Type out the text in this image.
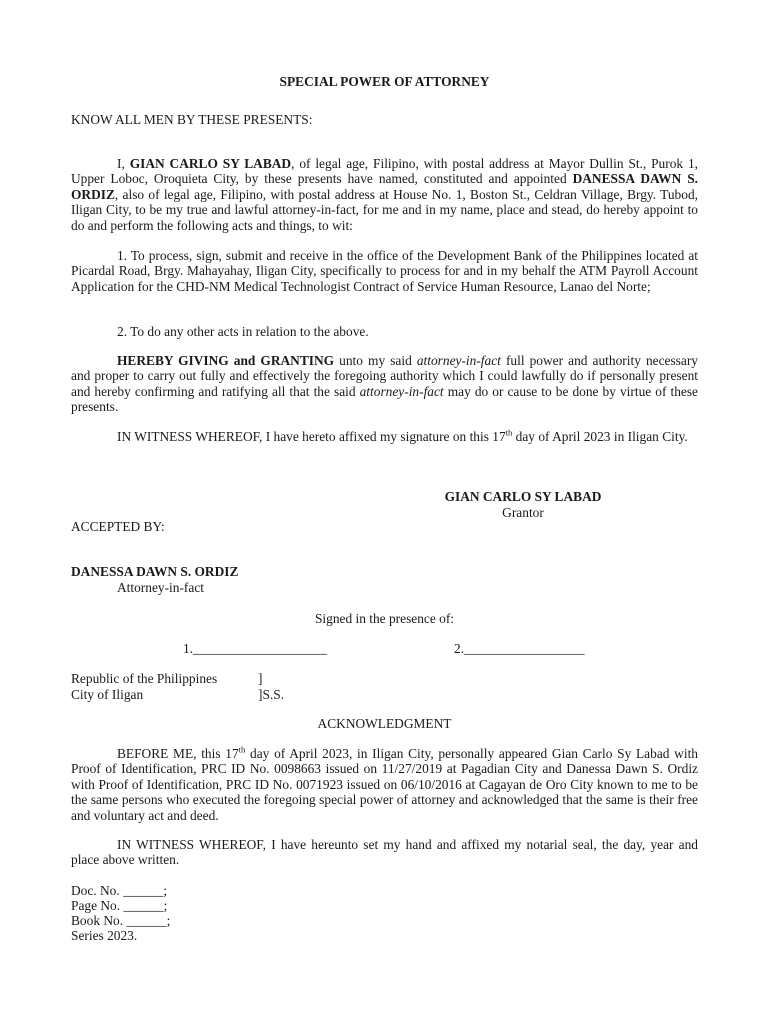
SPECIAL POWER OF ATTORNEY
KNOW ALL MEN BY THESE PRESENTS:
I, GIAN CARLO SY LABAD, of legal age, Filipino, with postal address at Mayor Dullin St., Purok 1, Upper Loboc, Oroquieta City, by these presents have named, constituted and appointed DANESSA DAWN S. ORDIZ, also of legal age, Filipino, with postal address at House No. 1, Boston St., Celdran Village, Brgy. Tubod, Iligan City, to be my true and lawful attorney-in-fact, for me and in my name, place and stead, do hereby appoint to do and perform the following acts and things, to wit:
1. To process, sign, submit and receive in the office of the Development Bank of the Philippines located at Picardal Road, Brgy. Mahayahay, Iligan City, specifically to process for and in my behalf the ATM Payroll Account Application for the CHD-NM Medical Technologist Contract of Service Human Resource, Lanao del Norte;
2. To do any other acts in relation to the above.
HEREBY GIVING and GRANTING unto my said attorney-in-fact full power and authority necessary and proper to carry out fully and effectively the foregoing authority which I could lawfully do if personally present and hereby confirming and ratifying all that the said attorney-in-fact may do or cause to be done by virtue of these presents.
IN WITNESS WHEREOF, I have hereto affixed my signature on this 17th day of April 2023 in Iligan City.
GIAN CARLO SY LABAD
Grantor
ACCEPTED BY:
DANESSA DAWN S. ORDIZ
Attorney-in-fact
Signed in the presence of:
1.____________________	2.__________________
Republic of the Philippines	]
City of Iligan	]S.S.
ACKNOWLEDGMENT
BEFORE ME, this 17th day of April 2023, in Iligan City, personally appeared Gian Carlo Sy Labad with Proof of Identification, PRC ID No. 0098663 issued on 11/27/2019 at Pagadian City and Danessa Dawn S. Ordiz with Proof of Identification, PRC ID No. 0071923 issued on 06/10/2016 at Cagayan de Oro City known to me to be the same persons who executed the foregoing special power of attorney and acknowledged that the same is their free and voluntary act and deed.
IN WITNESS WHEREOF, I have hereunto set my hand and affixed my notarial seal, the day, year and place above written.
Doc. No. ______;
Page No. ______;
Book No. ______;
Series 2023.
